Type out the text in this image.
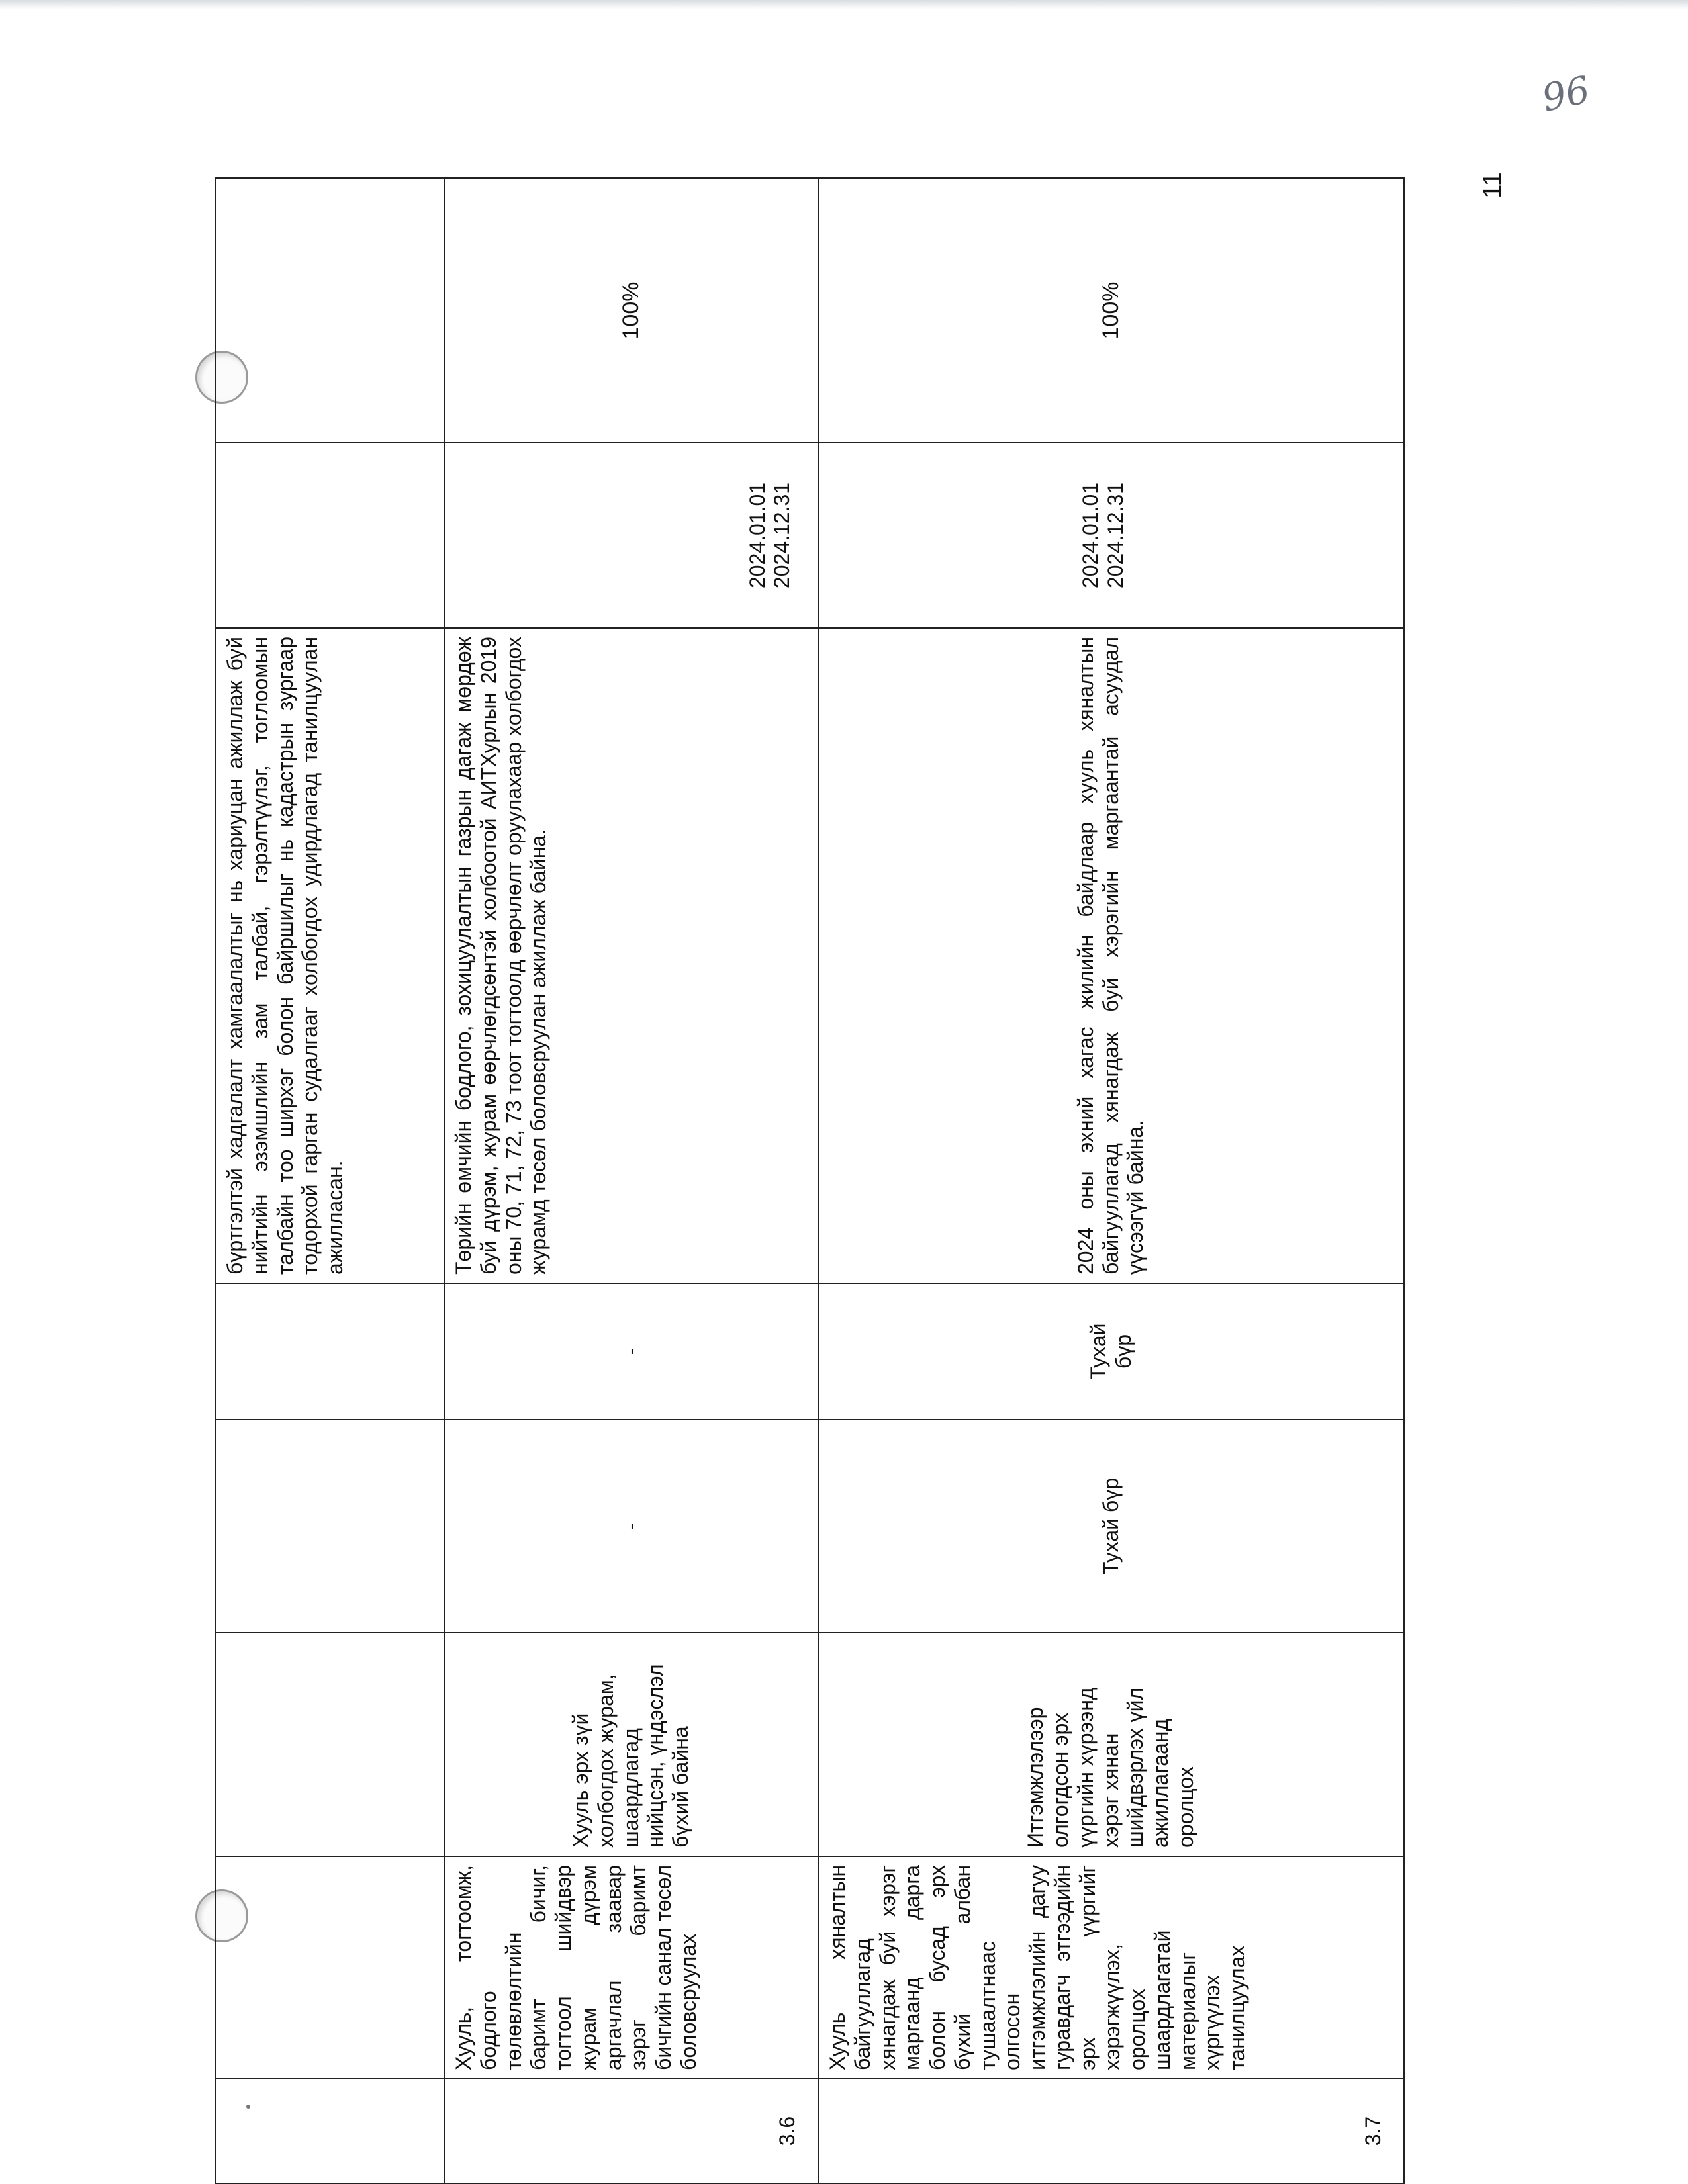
96
11
					бүртгэлтэй хадгалалт хамгаалалтыг нь хариуцан ажиллаж буй нийтийн эзэмшлийн зам талбай, гэрэлтүүлэг, тоглоомын талбайн тоо ширхэг болон байршилыг нь кадастрын зургаар тодорхой гарган судалгааг холбогдох удирдлагад танилцуулан ажилласан.		
3.6	Хууль, тогтоомж, бодлого төлөвлөлтийн баримт бичиг, тогтоол шийдвэр журам дүрэм аргачлал заавар зэрэг баримт бичгийн санал төсөл боловсруулах	Хууль эрх зүй холбогдох журам, шаардлагад нийцсэн, үндэслэл бүхий байна	-	-	Төрийн өмчийн бодлого, зохицуулалтын газрын дагаж мөрдөж буй дүрэм, журам өөрчлөгдсөнтэй холбоотой АИТХурлын 2019 оны 70, 71, 72, 73 тоот тогтоолд өөрчлөлт оруулахаар холбогдох журамд төсөл боловсруулан ажиллаж байна.	2024.01.01 2024.12.31	100%
3.7	Хууль хяналтын байгууллагад хянагдаж буй хэрэг маргаанд дарга болон бусад эрх бүхий албан тушаалтнаас олгосон итгэмжлэлийн дагуу гуравдагч этгээдийн эрх үүргийг хэрэгжүүлэх, оролцох шаардлагатай материалыг хүргүүлэх танилцуулах	Итгэмжлэлээр олгогдсон эрх үүргийн хүрээнд хэрэг хянан шийдвэрлэх үйл ажиллагаанд оролцох	Тухай бүр	Тухай бүр	2024 оны эхний хагас жилийн байдлаар хууль хяналтын байгууллагад хянагдаж буй хэрэгийн маргаантай асуудал үүсээгүй байна.	2024.01.01 2024.12.31	100%
